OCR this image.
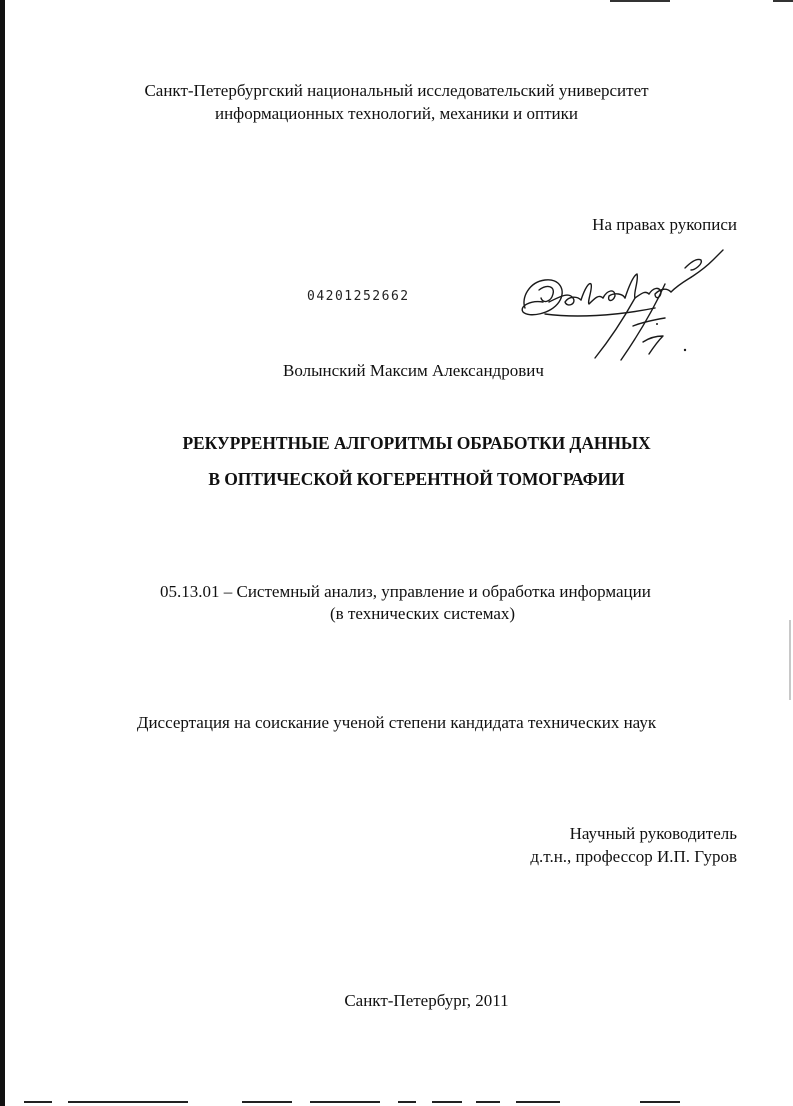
Санкт-Петербургский национальный исследовательский университет
информационных технологий, механики и оптики
На правах рукописи
04201252662
Волынский Максим Александрович
РЕКУРРЕНТНЫЕ АЛГОРИТМЫ ОБРАБОТКИ ДАННЫХ
В ОПТИЧЕСКОЙ КОГЕРЕНТНОЙ ТОМОГРАФИИ
05.13.01 – Системный анализ, управление и обработка информации
(в технических системах)
Диссертация на соискание ученой степени кандидата технических наук
Научный руководитель
д.т.н., профессор И.П. Гуров
Санкт-Петербург, 2011
